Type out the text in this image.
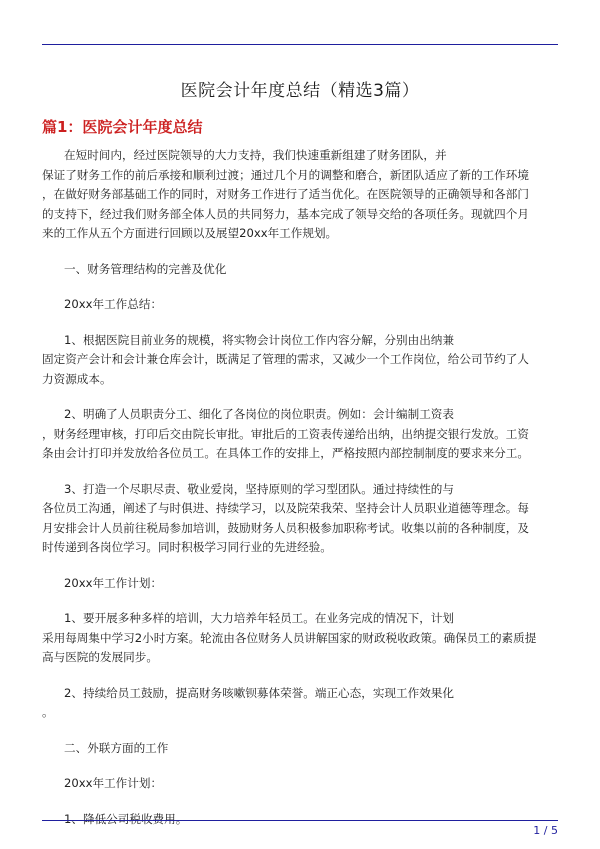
医院会计年度总结（精选3篇）
篇1：医院会计年度总结
在短时间内，经过医院领导的大力支持，我们快速重新组建了财务团队，并
保证了财务工作的前后承接和顺利过渡；通过几个月的调整和磨合，新团队适应了新的工作环境
，在做好财务部基础工作的同时，对财务工作进行了适当优化。在医院领导的正确领导和各部门
的支持下，经过我们财务部全体人员的共同努力，基本完成了领导交给的各项任务。现就四个月
来的工作从五个方面进行回顾以及展望20xx年工作规划。
一、财务管理结构的完善及优化
20xx年工作总结：
1、根据医院目前业务的规模，将实物会计岗位工作内容分解，分别由出纳兼
固定资产会计和会计兼仓库会计，既满足了管理的需求，又减少一个工作岗位，给公司节约了人
力资源成本。
2、明确了人员职责分工、细化了各岗位的岗位职责。例如：会计编制工资表
，财务经理审核，打印后交由院长审批。审批后的工资表传递给出纳，出纳提交银行发放。工资
条由会计打印并发放给各位员工。在具体工作的安排上，严格按照内部控制制度的要求来分工。
3、打造一个尽职尽责、敬业爱岗，坚持原则的学习型团队。通过持续性的与
各位员工沟通，阐述了与时俱进、持续学习，以及院荣我荣、坚持会计人员职业道德等理念。每
月安排会计人员前往税局参加培训，鼓励财务人员积极参加职称考试。收集以前的各种制度，及
时传递到各岗位学习。同时积极学习同行业的先进经验。
20xx年工作计划：
1、要开展多种多样的培训，大力培养年轻员工。在业务完成的情况下，计划
采用每周集中学习2小时方案。轮流由各位财务人员讲解国家的财政税收政策。确保员工的素质提
高与医院的发展同步。
2、持续给员工鼓励，提高财务咳嗽钡募体荣誉。端正心态，实现工作效果化
。
二、外联方面的工作
20xx年工作计划：
1、降低公司税收费用。
1 / 5
